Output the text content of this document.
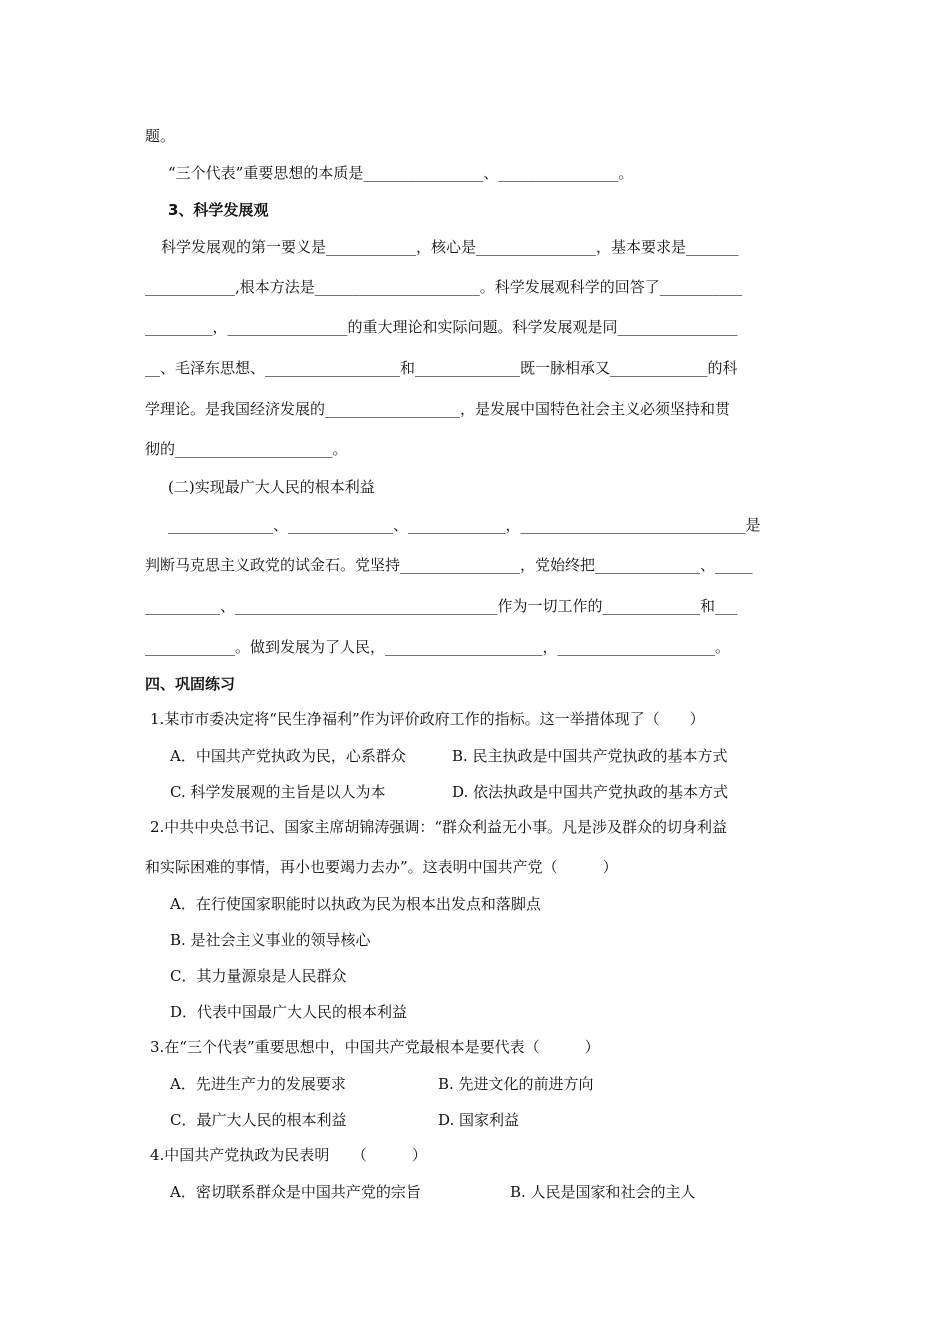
题。
“三个代表”重要思想的本质是________________、________________。
3、科学发展观
科学发展观的第一要义是____________，核心是________________，基本要求是_______
____________,根本方法是______________________。科学发展观科学的回答了___________
_________，________________的重大理论和实际问题。科学发展观是同________________
__、毛泽东思想、__________________和______________既一脉相承又_____________的科
学理论。是我国经济发展的__________________，是发展中国特色社会主义必须坚持和贯
彻的_____________________。
(二)实现最广大人民的根本利益
______________、______________、_____________，______________________________是
判断马克思主义政党的试金石。党坚持________________，党始终把______________、_____
__________、___________________________________作为一切工作的_____________和___
____________。做到发展为了人民，_____________________，_____________________。
四、巩固练习
1.某市市委决定将“民生净福利”作为评价政府工作的指标。这一举措体现了（　　）
A．中国共产党执政为民，心系群众	B. 民主执政是中国共产党执政的基本方式
C. 科学发展观的主旨是以人为本	D. 依法执政是中国共产党执政的基本方式
2.中共中央总书记、国家主席胡锦涛强调：“群众利益无小事。凡是涉及群众的切身利益
和实际困难的事情，再小也要竭力去办”。这表明中国共产党（　　　）
A．在行使国家职能时以执政为民为根本出发点和落脚点
B. 是社会主义事业的领导核心
C．其力量源泉是人民群众
D．代表中国最广大人民的根本利益
3.在“三个代表”重要思想中，中国共产党最根本是要代表（　　　）
A．先进生产力的发展要求	B. 先进文化的前进方向
C．最广大人民的根本利益	D. 国家利益
4.中国共产党执政为民表明　　（　　　）
A．密切联系群众是中国共产党的宗旨	B. 人民是国家和社会的主人
